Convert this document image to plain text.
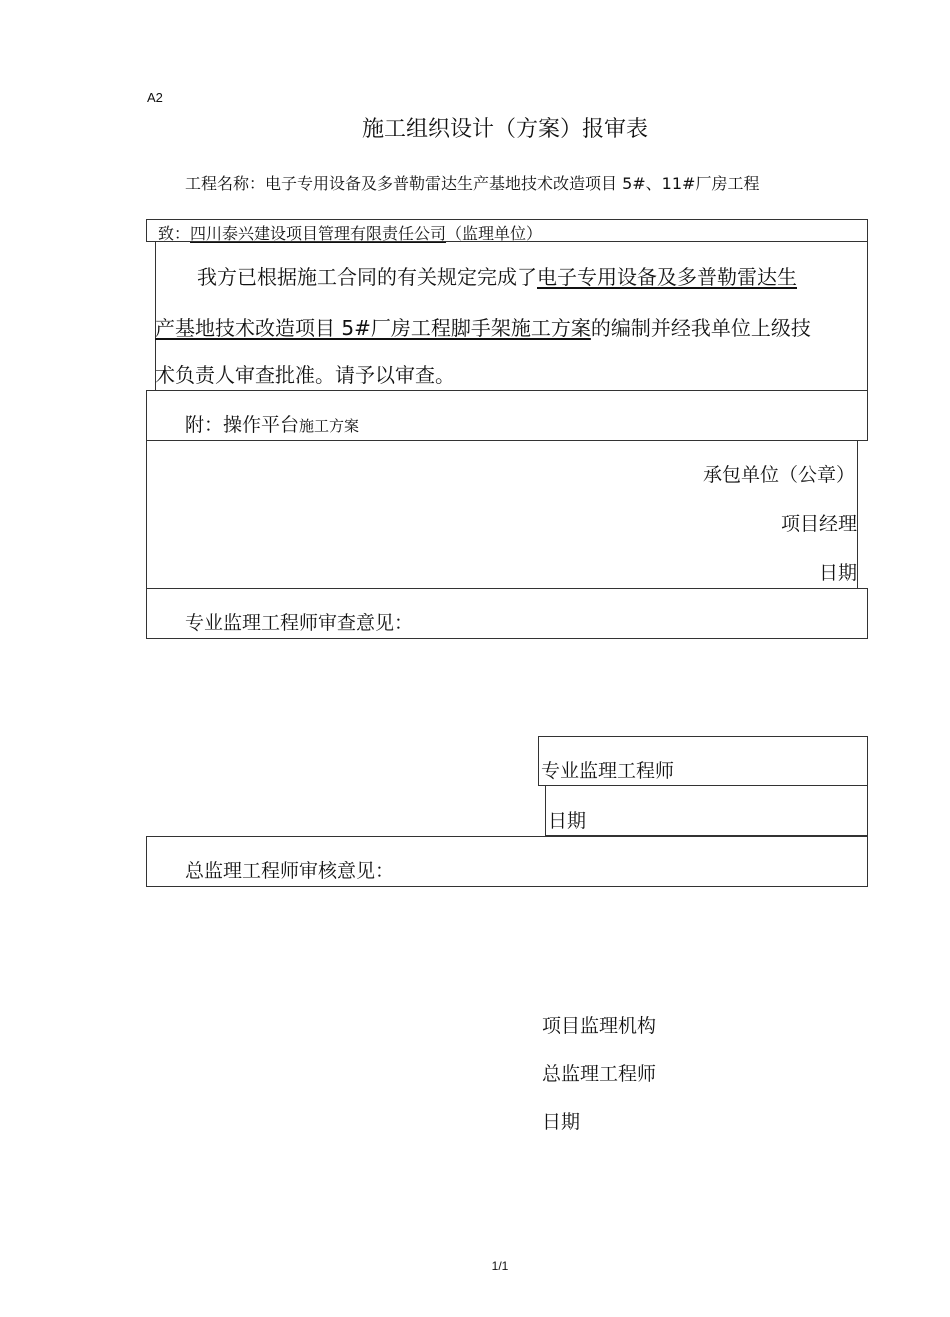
A2
施工组织设计（方案）报审表
工程名称：电子专用设备及多普勒雷达生产基地技术改造项目 5#、11#厂房工程
致：四川泰兴建设项目管理有限责任公司（监理单位）
我方已根据施工合同的有关规定完成了电子专用设备及多普勒雷达生
产基地技术改造项目 5#厂房工程脚手架施工方案的编制并经我单位上级技
术负责人审查批准。请予以审查。
附：操作平台施工方案
承包单位（公章）
项目经理
日期
专业监理工程师审查意见：
专业监理工程师
日期
总监理工程师审核意见：
项目监理机构
总监理工程师
日期
1/1
